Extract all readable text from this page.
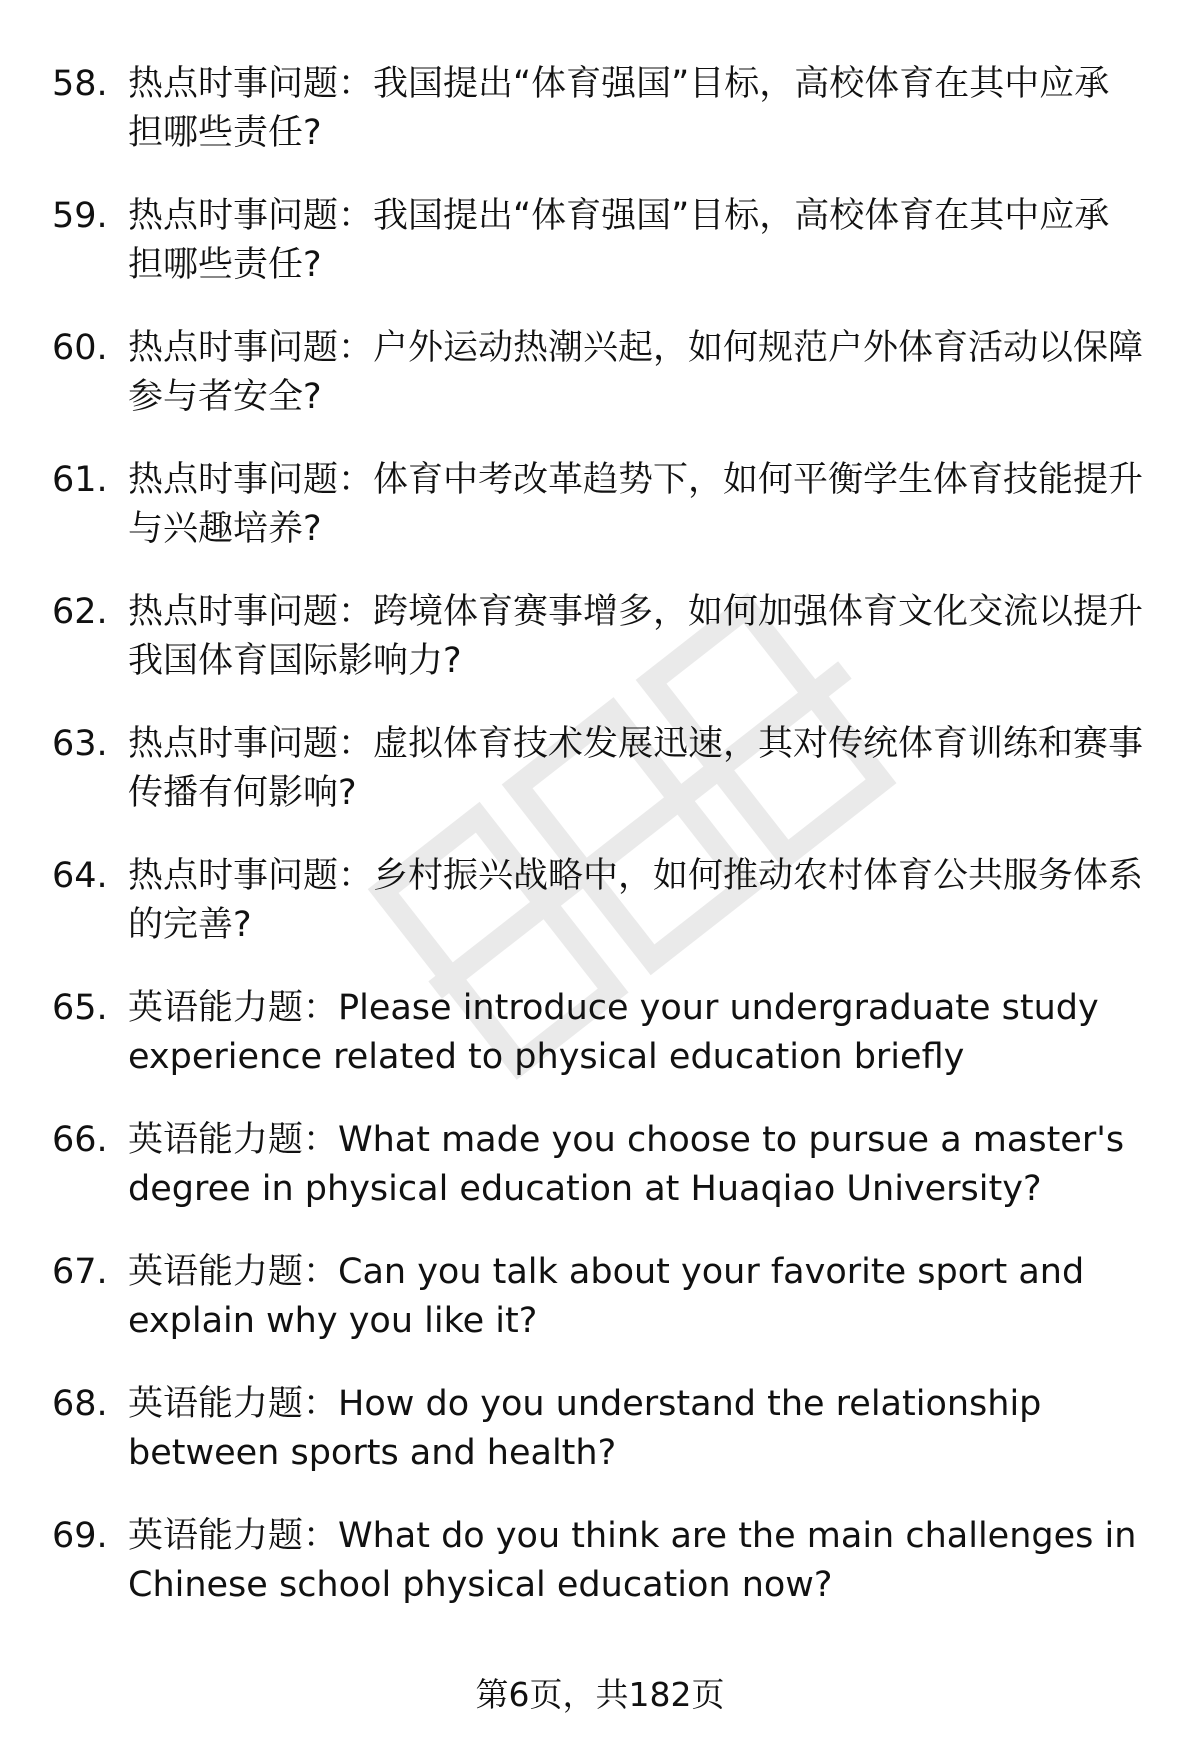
58. 热点时事问题：我国提出“体育强国”目标，高校体育在其中应承担哪些责任?
59. 热点时事问题：我国提出“体育强国”目标，高校体育在其中应承担哪些责任?
60. 热点时事问题：户外运动热潮兴起，如何规范户外体育活动以保障参与者安全?
61. 热点时事问题：体育中考改革趋势下，如何平衡学生体育技能提升与兴趣培养?
62. 热点时事问题：跨境体育赛事增多，如何加强体育文化交流以提升我国体育国际影响力?
63. 热点时事问题：虚拟体育技术发展迅速，其对传统体育训练和赛事传播有何影响?
64. 热点时事问题：乡村振兴战略中，如何推动农村体育公共服务体系的完善?
65. 英语能力题：Please introduce your undergraduate study experience related to physical education briefly
66. 英语能力题：What made you choose to pursue a master's degree in physical education at Huaqiao University?
67. 英语能力题：Can you talk about your favorite sport and explain why you like it?
68. 英语能力题：How do you understand the relationship between sports and health?
69. 英语能力题：What do you think are the main challenges in Chinese school physical education now?
第6页，共182页
